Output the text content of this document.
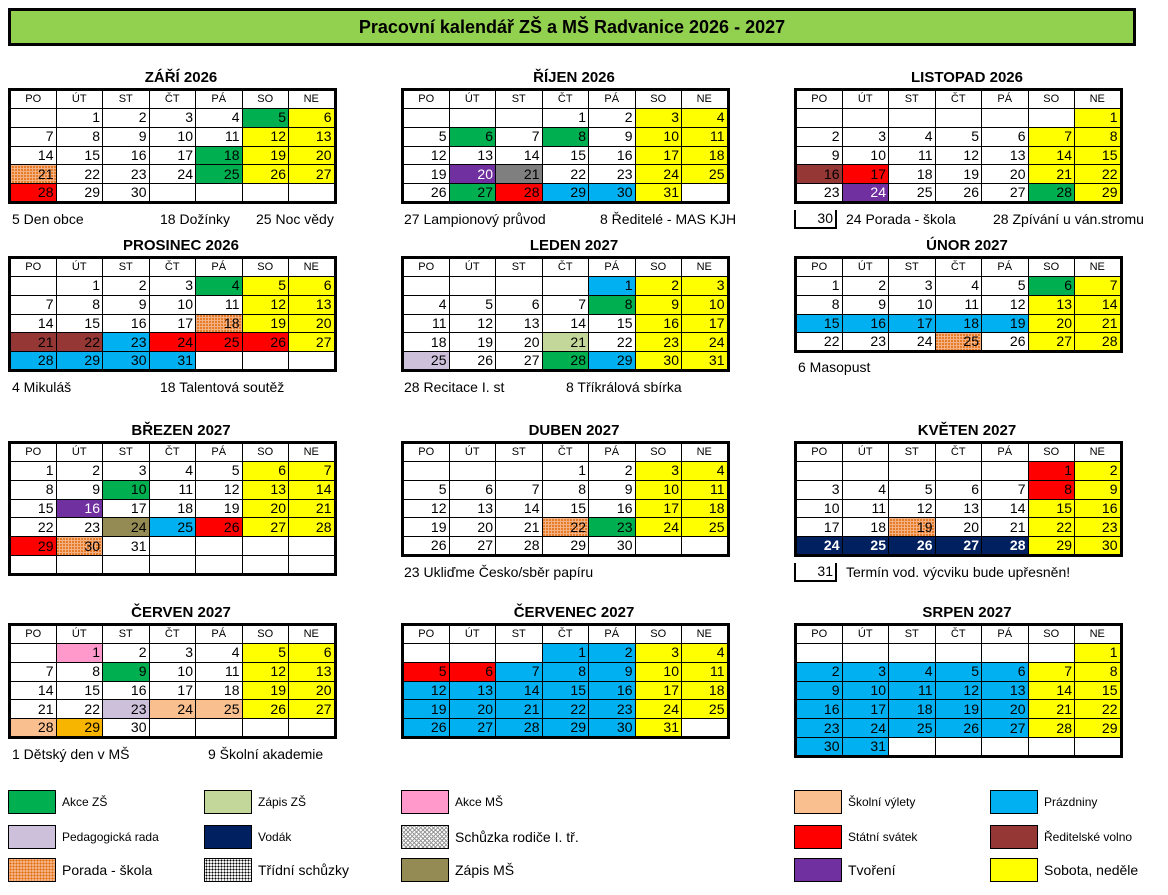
Pracovní kalendář ZŠ a MŠ Radvanice 2026 - 2027
ZÁŘÍ 2026
PO	ÚT	ST	ČT	PÁ	SO	NE
	1	2	3	4	5	6
7	8	9	10	11	12	13
14	15	16	17	18	19	20
21	22	23	24	25	26	27
28	29	30				
5 Den obce	18 Dožínky 25 Noc vědy
ŘÍJEN 2026
PO	ÚT	ST	ČT	PÁ	SO	NE
			1	2	3	4
5	6	7	8	9	10	11
12	13	14	15	16	17	18
19	20	21	22	23	24	25
26	27	28	29	30	31	
27 Lampionový průvod	8 Ředitelé - MAS KJH
LISTOPAD 2026
PO	ÚT	ST	ČT	PÁ	SO	NE
						1
2	3	4	5	6	7	8
9	10	11	12	13	14	15
16	17	18	19	20	21	22
23	24	25	26	27	28	29
30 24 Porada - škola	28 Zpívání u ván.stromu
PROSINEC 2026
PO	ÚT	ST	ČT	PÁ	SO	NE
	1	2	3	4	5	6
7	8	9	10	11	12	13
14	15	16	17	18	19	20
21	22	23	24	25	26	27
28	29	30	31			
4 Mikuláš	18 Talentová soutěž
LEDEN 2027
PO	ÚT	ST	ČT	PÁ	SO	NE
				1	2	3
4	5	6	7	8	9	10
11	12	13	14	15	16	17
18	19	20	21	22	23	24
25	26	27	28	29	30	31
28 Recitace I. st	8 Tříkrálová sbírka
ÚNOR 2027
PO	ÚT	ST	ČT	PÁ	SO	NE
1	2	3	4	5	6	7
8	9	10	11	12	13	14
15	16	17	18	19	20	21
22	23	24	25	26	27	28
6 Masopust
BŘEZEN 2027
PO	ÚT	ST	ČT	PÁ	SO	NE
1	2	3	4	5	6	7
8	9	10	11	12	13	14
15	16	17	18	19	20	21
22	23	24	25	26	27	28
29	30	31				

DUBEN 2027
PO	ÚT	ST	ČT	PÁ	SO	NE
			1	2	3	4
5	6	7	8	9	10	11
12	13	14	15	16	17	18
19	20	21	22	23	24	25
26	27	28	29	30		
23 Ukliďme Česko/sběr papíru
KVĚTEN 2027
PO	ÚT	ST	ČT	PÁ	SO	NE
					1	2
3	4	5	6	7	8	9
10	11	12	13	14	15	16
17	18	19	20	21	22	23
24	25	26	27	28	29	30
31 Termín vod. výcviku bude upřesněn!
ČERVEN 2027
PO	ÚT	ST	ČT	PÁ	SO	NE
	1	2	3	4	5	6
7	8	9	10	11	12	13
14	15	16	17	18	19	20
21	22	23	24	25	26	27
28	29	30				
1 Dětský den v MŠ	9 Školní akademie
ČERVENEC 2027
PO	ÚT	ST	ČT	PÁ	SO	NE
			1	2	3	4
5	6	7	8	9	10	11
12	13	14	15	16	17	18
19	20	21	22	23	24	25
26	27	28	29	30	31	
SRPEN 2027
PO	ÚT	ST	ČT	PÁ	SO	NE
						1
2	3	4	5	6	7	8
9	10	11	12	13	14	15
16	17	18	19	20	21	22
23	24	25	26	27	28	29
30	31					
Akce ZŠ	Zápis ZŠ	Akce MŠ	Školní výlety	Prázdniny
Pedagogická rada	Vodák	Schůzka rodiče I. tř.	Státní svátek	Ředitelské volno
Porada - škola	Třídní schůzky	Zápis MŠ	Tvoření	Sobota, neděle
